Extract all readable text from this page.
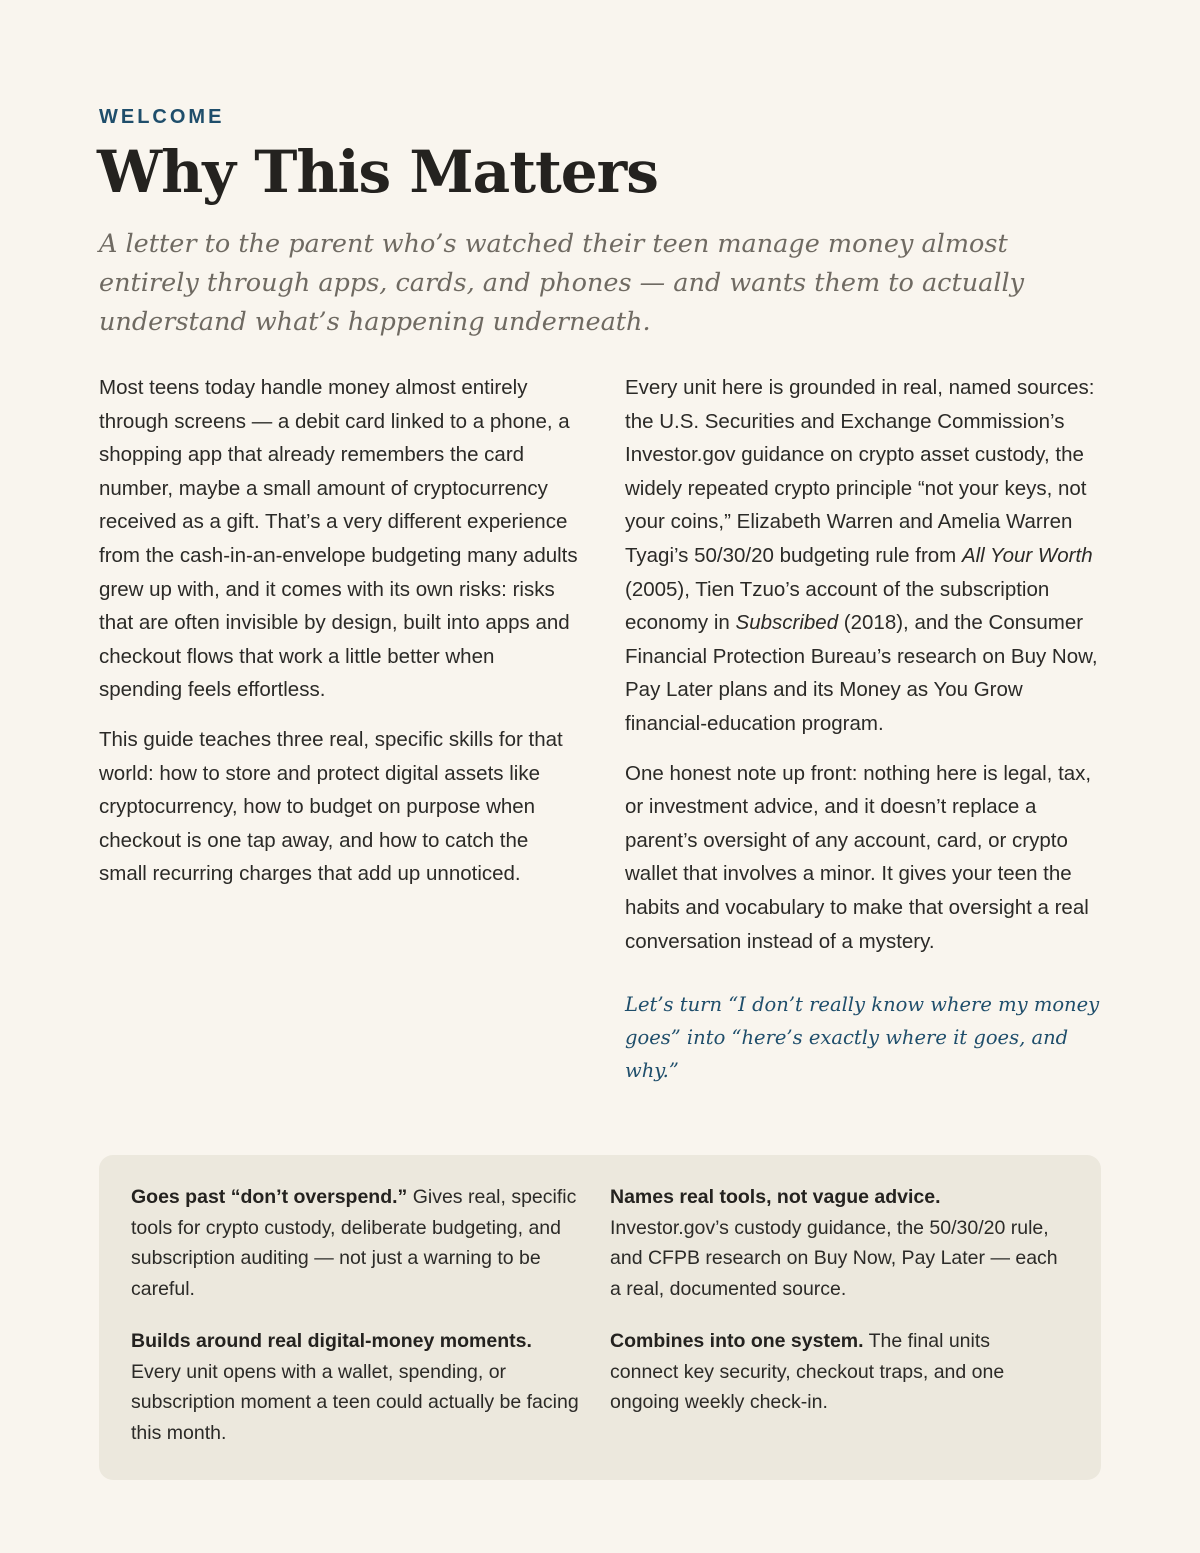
WELCOME
Why This Matters

A letter to the parent who’s watched their teen manage money almost entirely through apps, cards, and phones — and wants them to actually understand what’s happening underneath.

Most teens today handle money almost entirely through screens — a debit card linked to a phone, a shopping app that already remembers the card number, maybe a small amount of cryptocurrency received as a gift. That’s a very different experience from the cash-in-an-envelope budgeting many adults grew up with, and it comes with its own risks: risks that are often invisible by design, built into apps and checkout flows that work a little better when spending feels effortless.

This guide teaches three real, specific skills for that world: how to store and protect digital assets like cryptocurrency, how to budget on purpose when checkout is one tap away, and how to catch the small recurring charges that add up unnoticed.

Every unit here is grounded in real, named sources: the U.S. Securities and Exchange Commission’s Investor.gov guidance on crypto asset custody, the widely repeated crypto principle “not your keys, not your coins,” Elizabeth Warren and Amelia Warren Tyagi’s 50/30/20 budgeting rule from All Your Worth (2005), Tien Tzuo’s account of the subscription economy in Subscribed (2018), and the Consumer Financial Protection Bureau’s research on Buy Now, Pay Later plans and its Money as You Grow financial-education program.

One honest note up front: nothing here is legal, tax, or investment advice, and it doesn’t replace a parent’s oversight of any account, card, or crypto wallet that involves a minor. It gives your teen the habits and vocabulary to make that oversight a real conversation instead of a mystery.

Let’s turn “I don’t really know where my money goes” into “here’s exactly where it goes, and why.”

Goes past “don’t overspend.” Gives real, specific tools for crypto custody, deliberate budgeting, and subscription auditing — not just a warning to be careful.
Names real tools, not vague advice. Investor.gov’s custody guidance, the 50/30/20 rule, and CFPB research on Buy Now, Pay Later — each a real, documented source.
Builds around real digital-money moments. Every unit opens with a wallet, spending, or subscription moment a teen could actually be facing this month.
Combines into one system. The final units connect key security, checkout traps, and one ongoing weekly check-in.
